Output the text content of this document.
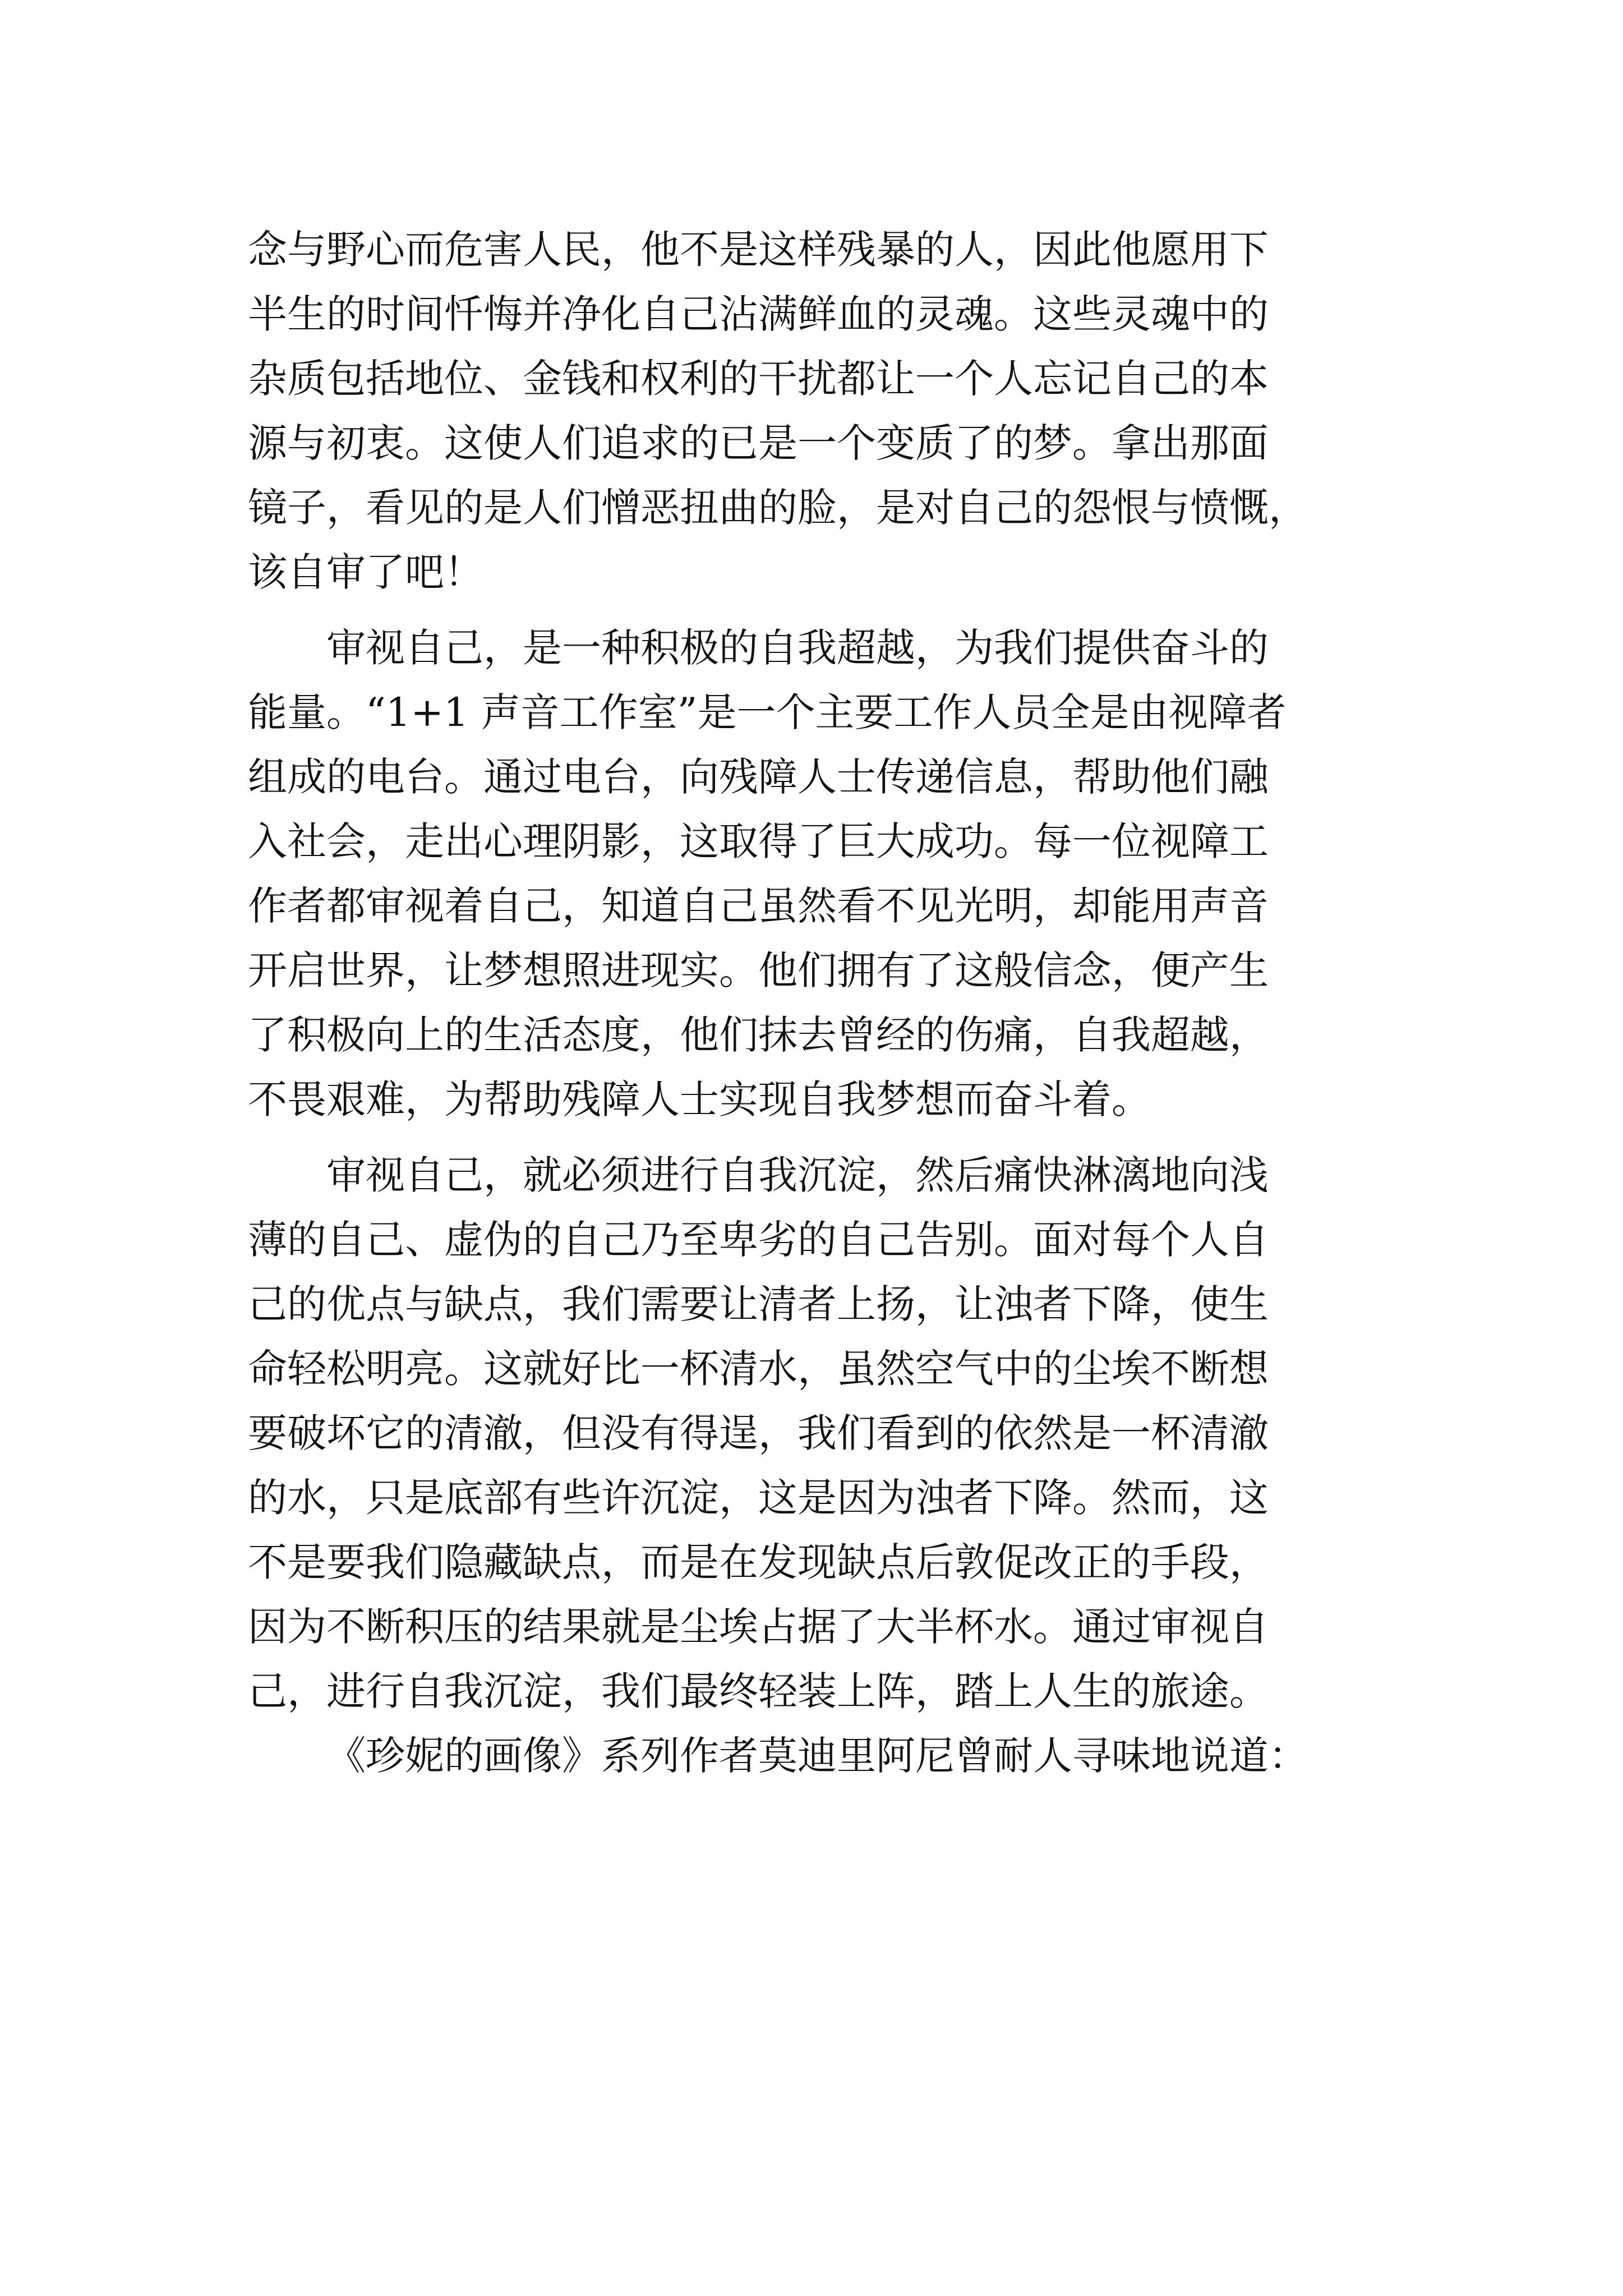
念与野心而危害人民，他不是这样残暴的人，因此他愿用下
半生的时间忏悔并净化自己沾满鲜血的灵魂。这些灵魂中的
杂质包括地位、金钱和权利的干扰都让一个人忘记自己的本
源与初衷。这使人们追求的已是一个变质了的梦。拿出那面
镜子，看见的是人们憎恶扭曲的脸，是对自己的怨恨与愤慨，
该自审了吧！
审视自己，是一种积极的自我超越，为我们提供奋斗的
能量。“1+1 声音工作室”是一个主要工作人员全是由视障者
组成的电台。通过电台，向残障人士传递信息，帮助他们融
入社会，走出心理阴影，这取得了巨大成功。每一位视障工
作者都审视着自己，知道自己虽然看不见光明，却能用声音
开启世界，让梦想照进现实。他们拥有了这般信念，便产生
了积极向上的生活态度，他们抹去曾经的伤痛，自我超越，
不畏艰难，为帮助残障人士实现自我梦想而奋斗着。
审视自己，就必须进行自我沉淀，然后痛快淋漓地向浅
薄的自己、虚伪的自己乃至卑劣的自己告别。面对每个人自
己的优点与缺点，我们需要让清者上扬，让浊者下降，使生
命轻松明亮。这就好比一杯清水，虽然空气中的尘埃不断想
要破坏它的清澈，但没有得逞，我们看到的依然是一杯清澈
的水，只是底部有些许沉淀，这是因为浊者下降。然而，这
不是要我们隐藏缺点，而是在发现缺点后敦促改正的手段，
因为不断积压的结果就是尘埃占据了大半杯水。通过审视自
己，进行自我沉淀，我们最终轻装上阵，踏上人生的旅途。
《珍妮的画像》系列作者莫迪里阿尼曾耐人寻味地说道：
